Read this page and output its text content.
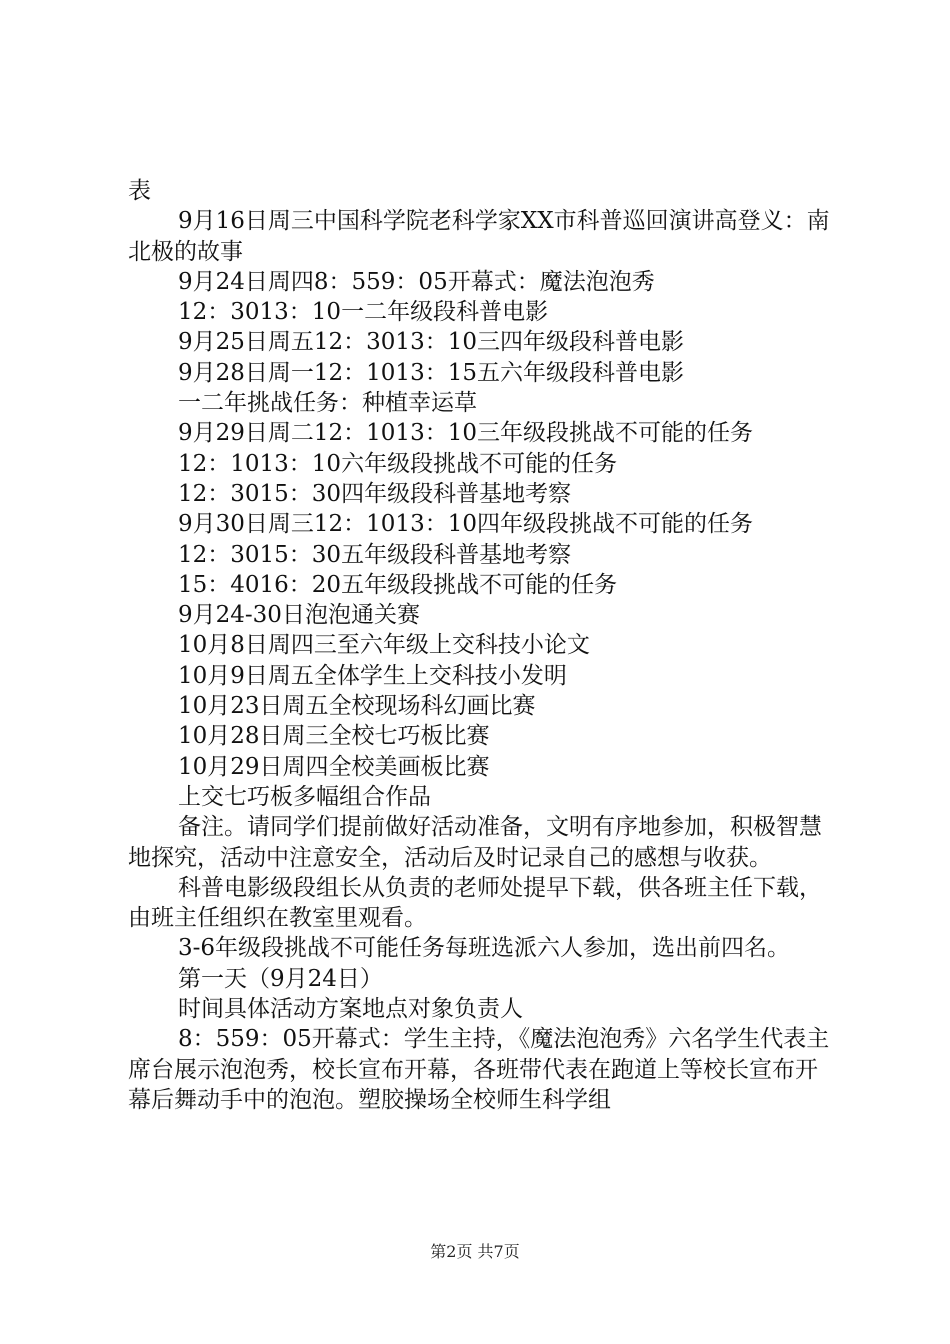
表

9月16日周三中国科学院老科学家XX市科普巡回演讲高登义：南北极的故事

9月24日周四8：559：05开幕式：魔法泡泡秀

12：3013：10一二年级段科普电影

9月25日周五12：3013：10三四年级段科普电影

9月28日周一12：1013：15五六年级段科普电影

一二年挑战任务：种植幸运草

9月29日周二12：1013：10三年级段挑战不可能的任务

12：1013：10六年级段挑战不可能的任务

12：3015：30四年级段科普基地考察

9月30日周三12：1013：10四年级段挑战不可能的任务

12：3015：30五年级段科普基地考察

15：4016：20五年级段挑战不可能的任务

9月24-30日泡泡通关赛

10月8日周四三至六年级上交科技小论文

10月9日周五全体学生上交科技小发明

10月23日周五全校现场科幻画比赛

10月28日周三全校七巧板比赛

10月29日周四全校美画板比赛

上交七巧板多幅组合作品

备注。请同学们提前做好活动准备，文明有序地参加，积极智慧地探究，活动中注意安全，活动后及时记录自己的感想与收获。

科普电影级段组长从负责的老师处提早下载，供各班主任下载，由班主任组织在教室里观看。

3-6年级段挑战不可能任务每班选派六人参加，选出前四名。

第一天（9月24日）

时间具体活动方案地点对象负责人

8：559：05开幕式：学生主持，《魔法泡泡秀》六名学生代表主席台展示泡泡秀，校长宣布开幕，各班带代表在跑道上等校长宣布开幕后舞动手中的泡泡。塑胶操场全校师生科学组

第2页 共7页
